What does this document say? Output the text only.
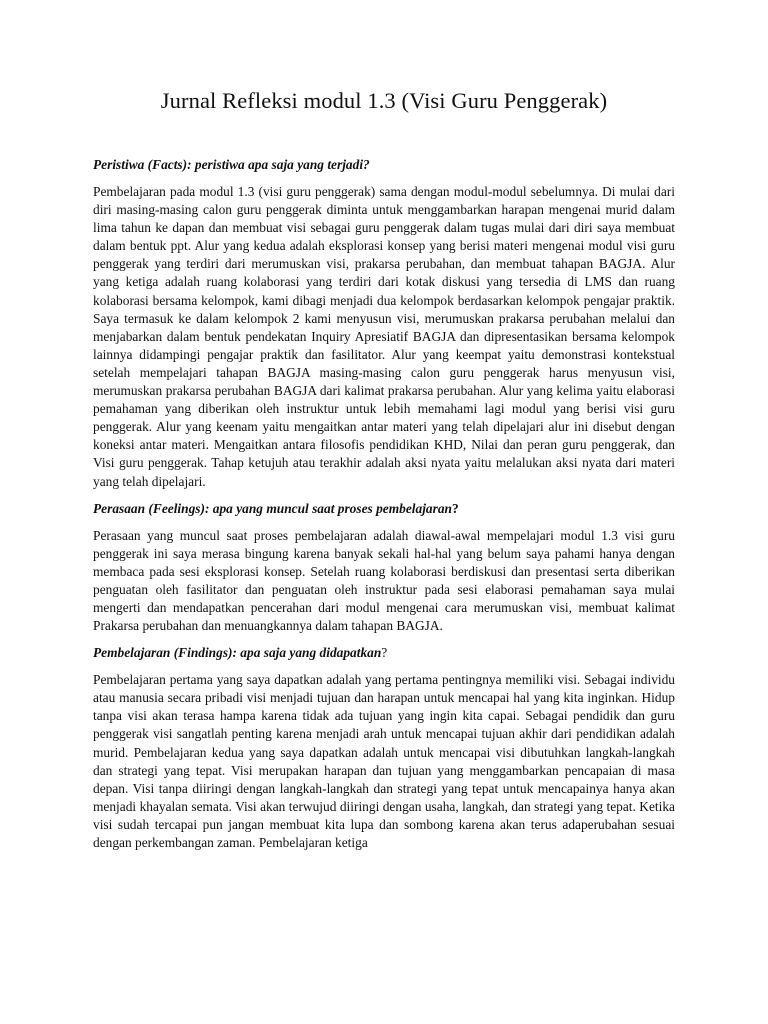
Jurnal Refleksi modul 1.3 (Visi Guru Penggerak)

Peristiwa (Facts): peristiwa apa saja yang terjadi?

Pembelajaran pada modul 1.3 (visi guru penggerak) sama dengan modul-modul sebelumnya. Di mulai dari diri masing-masing calon guru penggerak diminta untuk menggambarkan harapan mengenai murid dalam lima tahun ke dapan dan membuat visi sebagai guru penggerak dalam tugas mulai dari diri saya membuat dalam bentuk ppt. Alur yang kedua adalah eksplorasi konsep yang berisi materi mengenai modul visi guru penggerak yang terdiri dari merumuskan visi, prakarsa perubahan, dan membuat tahapan BAGJA. Alur yang ketiga adalah ruang kolaborasi yang terdiri dari kotak diskusi yang tersedia di LMS dan ruang kolaborasi bersama kelompok, kami dibagi menjadi dua kelompok berdasarkan kelompok pengajar praktik. Saya termasuk ke dalam kelompok 2 kami menyusun visi, merumuskan prakarsa perubahan melalui dan menjabarkan dalam bentuk pendekatan Inquiry Apresiatif BAGJA dan dipresentasikan bersama kelompok lainnya didampingi pengajar praktik dan fasilitator. Alur yang keempat yaitu demonstrasi kontekstual setelah mempelajari tahapan BAGJA masing-masing calon guru penggerak harus menyusun visi, merumuskan prakarsa perubahan BAGJA dari kalimat prakarsa perubahan. Alur yang kelima yaitu elaborasi pemahaman yang diberikan oleh instruktur untuk lebih memahami lagi modul yang berisi visi guru penggerak. Alur yang keenam yaitu mengaitkan antar materi yang telah dipelajari alur ini disebut dengan koneksi antar materi. Mengaitkan antara filosofis pendidikan KHD, Nilai dan peran guru penggerak, dan Visi guru penggerak. Tahap ketujuh atau terakhir adalah aksi nyata yaitu melalukan aksi nyata dari materi yang telah dipelajari.

Perasaan (Feelings): apa yang muncul saat proses pembelajaran?

Perasaan yang muncul saat proses pembelajaran adalah diawal-awal mempelajari modul 1.3 visi guru penggerak ini saya merasa bingung karena banyak sekali hal-hal yang belum saya pahami hanya dengan membaca pada sesi eksplorasi konsep. Setelah ruang kolaborasi berdiskusi dan presentasi serta diberikan penguatan oleh fasilitator dan penguatan oleh instruktur pada sesi elaborasi pemahaman saya mulai mengerti dan mendapatkan pencerahan dari modul mengenai cara merumuskan visi, membuat kalimat Prakarsa perubahan dan menuangkannya dalam tahapan BAGJA.

Pembelajaran (Findings): apa saja yang didapatkan?

Pembelajaran pertama yang saya dapatkan adalah yang pertama pentingnya memiliki visi. Sebagai individu atau manusia secara pribadi visi menjadi tujuan dan harapan untuk mencapai hal yang kita inginkan. Hidup tanpa visi akan terasa hampa karena tidak ada tujuan yang ingin kita capai. Sebagai pendidik dan guru penggerak visi sangatlah penting karena menjadi arah untuk mencapai tujuan akhir dari pendidikan adalah murid. Pembelajaran kedua yang saya dapatkan adalah untuk mencapai visi dibutuhkan langkah-langkah dan strategi yang tepat. Visi merupakan harapan dan tujuan yang menggambarkan pencapaian di masa depan. Visi tanpa diiringi dengan langkah-langkah dan strategi yang tepat untuk mencapainya hanya akan menjadi khayalan semata. Visi akan terwujud diiringi dengan usaha, langkah, dan strategi yang tepat. Ketika visi sudah tercapai pun jangan membuat kita lupa dan sombong karena akan terus adaperubahan sesuai dengan perkembangan zaman. Pembelajaran ketiga
